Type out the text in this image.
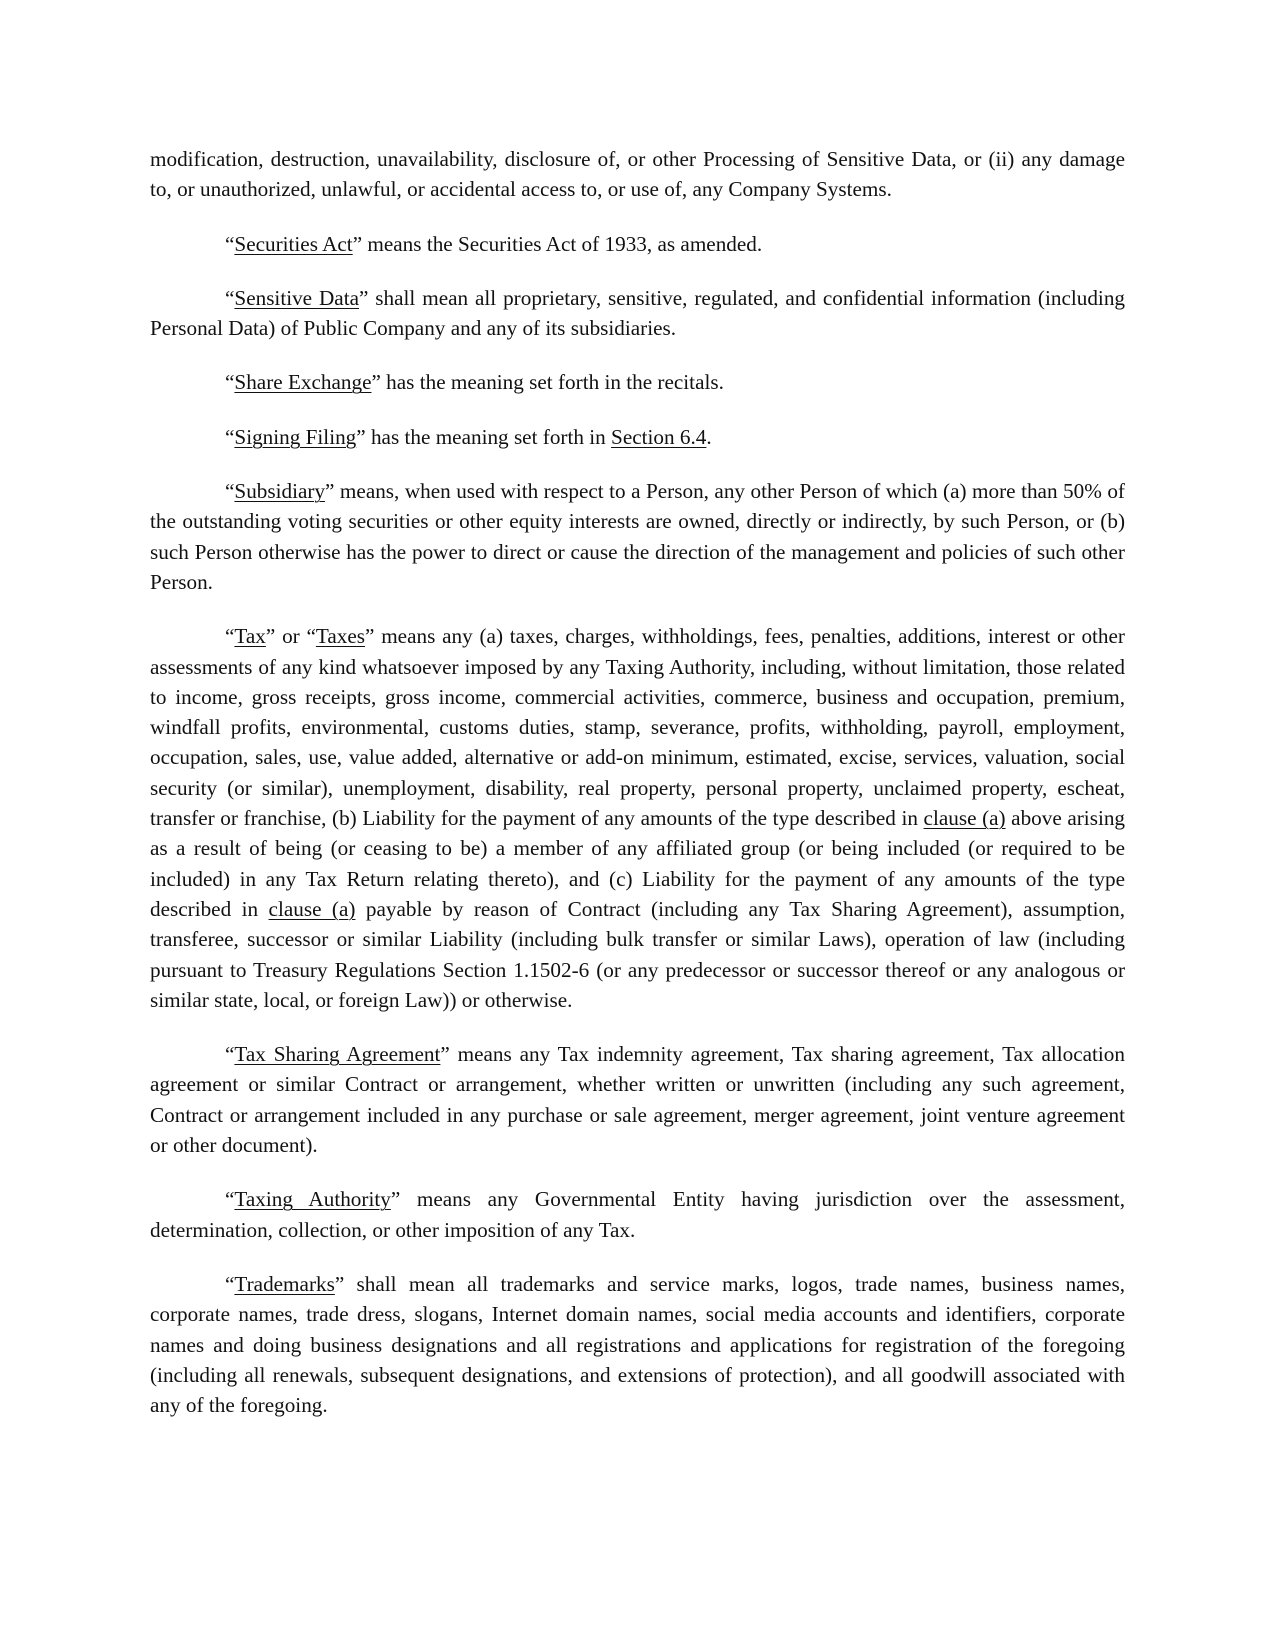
modification, destruction, unavailability, disclosure of, or other Processing of Sensitive Data, or (ii) any damage to, or unauthorized, unlawful, or accidental access to, or use of, any Company Systems.

“Securities Act” means the Securities Act of 1933, as amended.

“Sensitive Data” shall mean all proprietary, sensitive, regulated, and confidential information (including Personal Data) of Public Company and any of its subsidiaries.

“Share Exchange” has the meaning set forth in the recitals.

“Signing Filing” has the meaning set forth in Section 6.4.

“Subsidiary” means, when used with respect to a Person, any other Person of which (a) more than 50% of the outstanding voting securities or other equity interests are owned, directly or indirectly, by such Person, or (b) such Person otherwise has the power to direct or cause the direction of the management and policies of such other Person.

“Tax” or “Taxes” means any (a) taxes, charges, withholdings, fees, penalties, additions, interest or other assessments of any kind whatsoever imposed by any Taxing Authority, including, without limitation, those related to income, gross receipts, gross income, commercial activities, commerce, business and occupation, premium, windfall profits, environmental, customs duties, stamp, severance, profits, withholding, payroll, employment, occupation, sales, use, value added, alternative or add-on minimum, estimated, excise, services, valuation, social security (or similar), unemployment, disability, real property, personal property, unclaimed property, escheat, transfer or franchise, (b) Liability for the payment of any amounts of the type described in clause (a) above arising as a result of being (or ceasing to be) a member of any affiliated group (or being included (or required to be included) in any Tax Return relating thereto), and (c) Liability for the payment of any amounts of the type described in clause (a) payable by reason of Contract (including any Tax Sharing Agreement), assumption, transferee, successor or similar Liability (including bulk transfer or similar Laws), operation of law (including pursuant to Treasury Regulations Section 1.1502-6 (or any predecessor or successor thereof or any analogous or similar state, local, or foreign Law)) or otherwise.

“Tax Sharing Agreement” means any Tax indemnity agreement, Tax sharing agreement, Tax allocation agreement or similar Contract or arrangement, whether written or unwritten (including any such agreement, Contract or arrangement included in any purchase or sale agreement, merger agreement, joint venture agreement or other document).

“Taxing Authority” means any Governmental Entity having jurisdiction over the assessment, determination, collection, or other imposition of any Tax.

“Trademarks” shall mean all trademarks and service marks, logos, trade names, business names, corporate names, trade dress, slogans, Internet domain names, social media accounts and identifiers, corporate names and doing business designations and all registrations and applications for registration of the foregoing (including all renewals, subsequent designations, and extensions of protection), and all goodwill associated with any of the foregoing.
